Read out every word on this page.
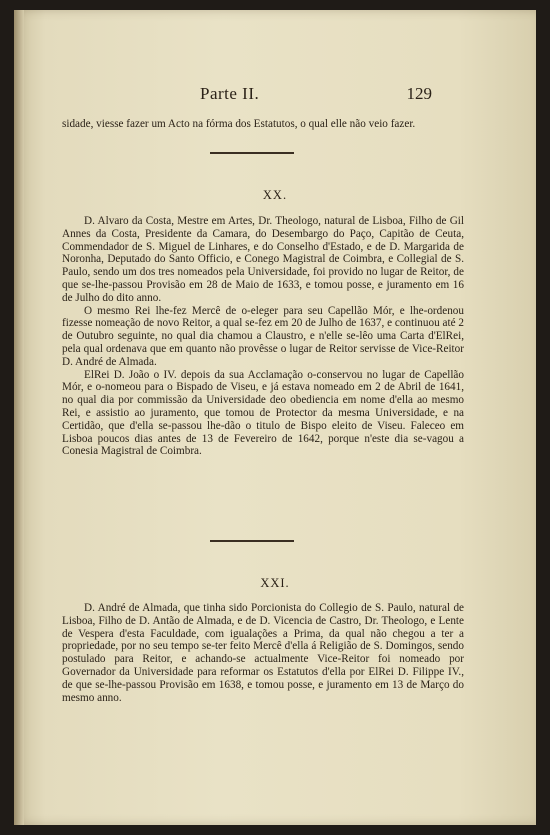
Parte II.	129

sidade, viesse fazer um Acto na fórma dos Estatutos, o qual elle não veio fazer.

XX.

D. Alvaro da Costa, Mestre em Artes, Dr. Theologo, natural de Lisboa, Filho de Gil Annes da Costa, Presidente da Camara, do Desembargo do Paço, Capitão de Ceuta, Commendador de S. Miguel de Linhares, e do Conselho d'Estado, e de D. Margarida de Noronha, Deputado do Santo Officio, e Conego Magistral de Coimbra, e Collegial de S. Paulo, sendo um dos tres nomeados pela Universidade, foi provido no lugar de Reitor, de que se-lhe-passou Provisão em 28 de Maio de 1633, e tomou posse, e juramento em 16 de Julho do dito anno.

O mesmo Rei lhe-fez Mercê de o-eleger para seu Capellão Mór, e lhe-ordenou fizesse nomeação de novo Reitor, a qual se-fez em 20 de Julho de 1637, e continuou até 2 de Outubro seguinte, no qual dia chamou a Claustro, e n'elle se-lêo uma Carta d'ElRei, pela qual ordenava que em quanto não provêsse o lugar de Reitor servisse de Vice-Reitor D. André de Almada.

ElRei D. João o IV. depois da sua Acclamação o-conservou no lugar de Capellão Mór, e o-nomeou para o Bispado de Viseu, e já estava nomeado em 2 de Abril de 1641, no qual dia por commissão da Universidade deo obediencia em nome d'ella ao mesmo Rei, e assistio ao juramento, que tomou de Protector da mesma Universidade, e na Certidão, que d'ella se-passou lhe-dão o titulo de Bispo eleito de Viseu. Faleceo em Lisboa poucos dias antes de 13 de Fevereiro de 1642, porque n'este dia se-vagou a Conesia Magistral de Coimbra.

XXI.

D. André de Almada, que tinha sido Porcionista do Collegio de S. Paulo, natural de Lisboa, Filho de D. Antão de Almada, e de D. Vicencia de Castro, Dr. Theologo, e Lente de Vespera d'esta Faculdade, com igualações a Prima, da qual não chegou a ter a propriedade, por no seu tempo se-ter feito Mercê d'ella á Religião de S. Domingos, sendo postulado para Reitor, e achando-se actualmente Vice-Reitor foi nomeado por Governador da Universidade para reformar os Estatutos d'ella por ElRei D. Filippe IV., de que se-lhe-passou Provisão em 1638, e tomou posse, e juramento em 13 de Março do mesmo anno.
